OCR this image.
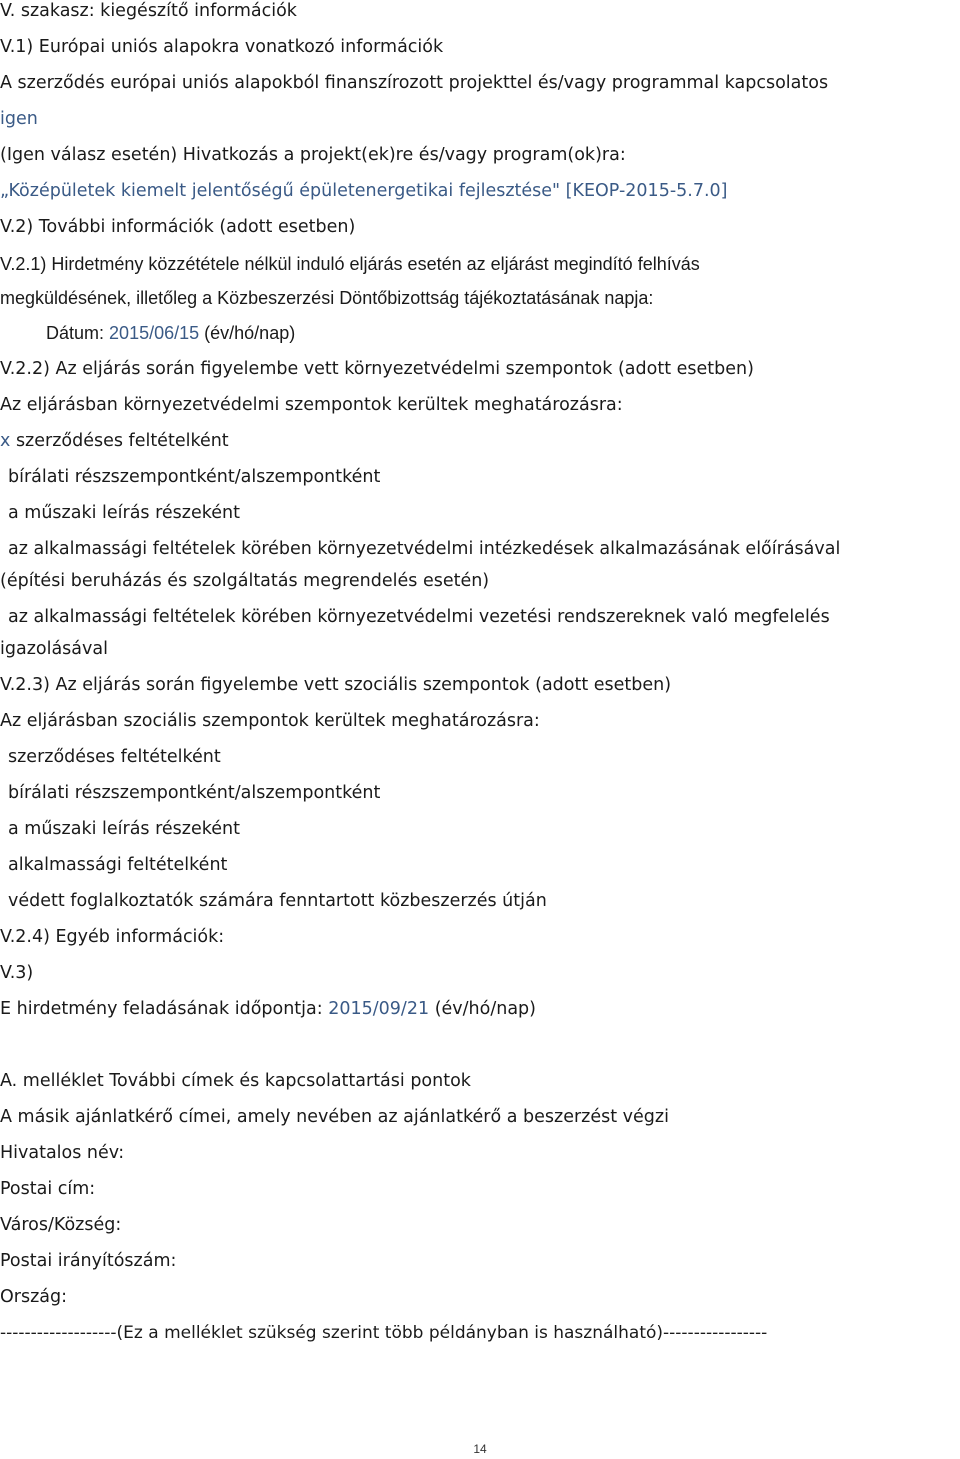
V. szakasz: kiegészítő információk
V.1) Európai uniós alapokra vonatkozó információk
A szerződés európai uniós alapokból finanszírozott projekttel és/vagy programmal kapcsolatos
igen
(Igen válasz esetén) Hivatkozás a projekt(ek)re és/vagy program(ok)ra:
„Középületek kiemelt jelentőségű épületenergetikai fejlesztése" [KEOP-2015-5.7.0]
V.2) További információk (adott esetben)
V.2.1) Hirdetmény közzététele nélkül induló eljárás esetén az eljárást megindító felhívás
megküldésének, illetőleg a Közbeszerzési Döntőbizottság tájékoztatásának napja:
Dátum: 2015/06/15 (év/hó/nap)
V.2.2) Az eljárás során figyelembe vett környezetvédelmi szempontok (adott esetben)
Az eljárásban környezetvédelmi szempontok kerültek meghatározásra:
x szerződéses feltételként
bírálati részszempontként/alszempontként
a műszaki leírás részeként
az alkalmassági feltételek körében környezetvédelmi intézkedések alkalmazásának előírásával
(építési beruházás és szolgáltatás megrendelés esetén)
az alkalmassági feltételek körében környezetvédelmi vezetési rendszereknek való megfelelés
igazolásával
V.2.3) Az eljárás során figyelembe vett szociális szempontok (adott esetben)
Az eljárásban szociális szempontok kerültek meghatározásra:
szerződéses feltételként
bírálati részszempontként/alszempontként
a műszaki leírás részeként
alkalmassági feltételként
védett foglalkoztatók számára fenntartott közbeszerzés útján
V.2.4) Egyéb információk:
V.3)
E hirdetmény feladásának időpontja: 2015/09/21 (év/hó/nap)
A. melléklet További címek és kapcsolattartási pontok
A másik ajánlatkérő címei, amely nevében az ajánlatkérő a beszerzést végzi
Hivatalos név:
Postai cím:
Város/Község:
Postai irányítószám:
Ország:
-------------------(Ez a melléklet szükség szerint több példányban is használható)-----------------
14
